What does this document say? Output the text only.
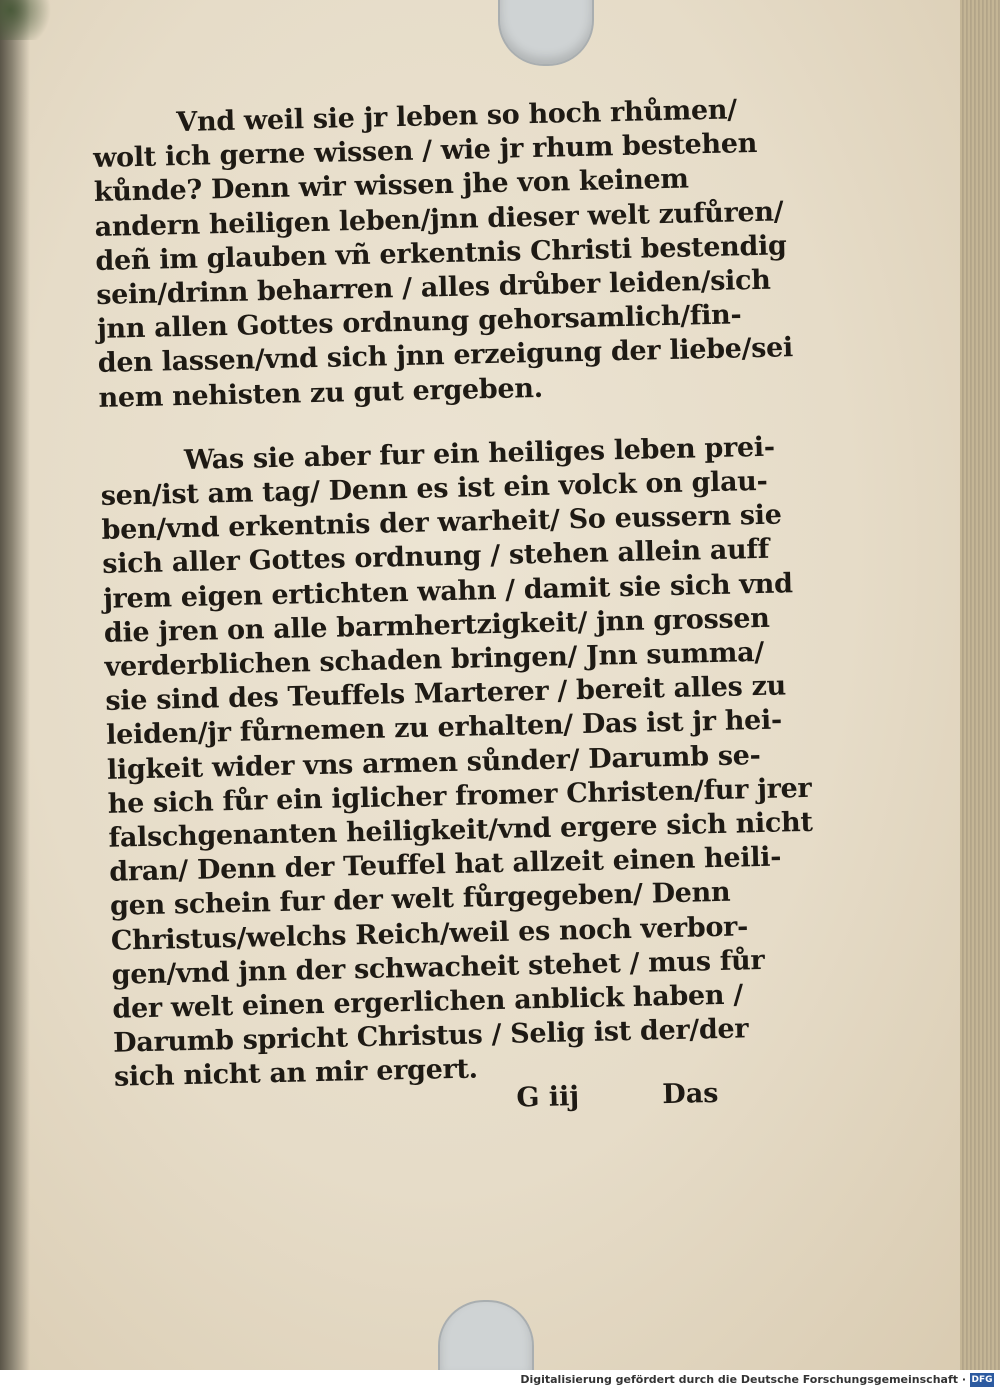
Vnd weil sie jr leben so hoch rhůmen/
wolt ich gerne wissen / wie jr rhum bestehen
kůnde? Denn wir wissen jhe von keinem
andern heiligen leben/jnn dieser welt zufůren/
deñ im glauben vñ erkentnis Christi bestendig
sein/drinn beharren / alles drůber leiden/sich
jnn allen Gottes ordnung gehorsamlich/fin-
den lassen/vnd sich jnn erzeigung der liebe/sei
nem nehisten zu gut ergeben.

Was sie aber fur ein heiliges leben prei-
sen/ist am tag/ Denn es ist ein volck on glau-
ben/vnd erkentnis der warheit/ So eussern sie
sich aller Gottes ordnung / stehen allein auff
jrem eigen ertichten wahn / damit sie sich vnd
die jren on alle barmhertzigkeit/ jnn grossen
verderblichen schaden bringen/ Jnn summa/
sie sind des Teuffels Marterer / bereit alles zu
leiden/jr fůrnemen zu erhalten/ Das ist jr hei-
ligkeit wider vns armen sůnder/ Darumb se-
he sich fůr ein iglicher fromer Christen/fur jrer
falschgenanten heiligkeit/vnd ergere sich nicht
dran/ Denn der Teuffel hat allzeit einen heili-
gen schein fur der welt fůrgegeben/ Denn
Christus/welchs Reich/weil es noch verbor-
gen/vnd jnn der schwacheit stehet / mus fůr
der welt einen ergerlichen anblick haben /
Darumb spricht Christus / Selig ist der/der
sich nicht an mir ergert.

G iij	Das
Digitalisierung gefördert durch die Deutsche Forschungsgemeinschaft · DFG
